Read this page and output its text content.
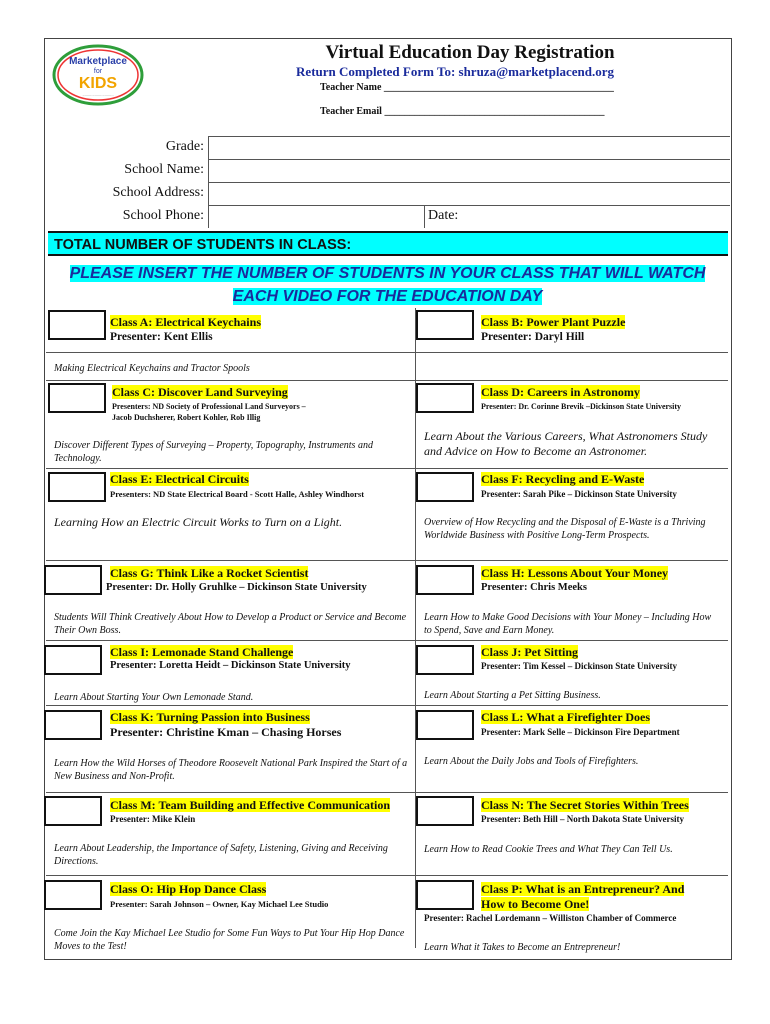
Marketplace
for
KIDS
............................
Virtual Education Day Registration
Return Completed Form To: shruza@marketplacend.org
Teacher Name ______________________________________________
Teacher Email ____________________________________________
Grade:
School Name:
School Address:
School Phone:	Date:
TOTAL NUMBER OF STUDENTS IN CLASS:
PLEASE INSERT THE NUMBER OF STUDENTS IN YOUR CLASS THAT WILL WATCH
EACH VIDEO FOR THE EDUCATION DAY
Class A: Electrical Keychains
Presenter: Kent Ellis
Making Electrical Keychains and Tractor Spools
Class B: Power Plant Puzzle
Presenter: Daryl Hill
Class C: Discover Land Surveying
Presenters: ND Society of Professional Land Surveyors –
Jacob Duchsherer, Robert Kohler, Rob Illig
Discover Different Types of Surveying – Property, Topography, Instruments and Technology.
Class D: Careers in Astronomy
Presenter: Dr. Corinne Brevik –Dickinson State University
Learn About the Various Careers, What Astronomers Study and Advice on How to Become an Astronomer.
Class E: Electrical Circuits
Presenters: ND State Electrical Board - Scott Halle, Ashley Windhorst
Learning How an Electric Circuit Works to Turn on a Light.
Class F: Recycling and E-Waste
Presenter: Sarah Pike – Dickinson State University
Overview of How Recycling and the Disposal of E-Waste is a Thriving Worldwide Business with Positive Long-Term Prospects.
Class G: Think Like a Rocket Scientist
Presenter: Dr. Holly Gruhlke – Dickinson State University
Students Will Think Creatively About How to Develop a Product or Service and Become Their Own Boss.
Class H: Lessons About Your Money
Presenter: Chris Meeks
Learn How to Make Good Decisions with Your Money – Including How to Spend, Save and Earn Money.
Class I: Lemonade Stand Challenge
Presenter: Loretta Heidt – Dickinson State University
Learn About Starting Your Own Lemonade Stand.
Class J: Pet Sitting
Presenter: Tim Kessel – Dickinson State University
Learn About Starting a Pet Sitting Business.
Class K: Turning Passion into Business
Presenter: Christine Kman – Chasing Horses
Learn How the Wild Horses of Theodore Roosevelt National Park Inspired the Start of a New Business and Non-Profit.
Class L: What a Firefighter Does
Presenter: Mark Selle – Dickinson Fire Department
Learn About the Daily Jobs and Tools of Firefighters.
Class M: Team Building and Effective Communication
Presenter: Mike Klein
Learn About Leadership, the Importance of Safety, Listening, Giving and Receiving Directions.
Class N: The Secret Stories Within Trees
Presenter: Beth Hill – North Dakota State University
Learn How to Read Cookie Trees and What They Can Tell Us.
Class O: Hip Hop Dance Class
Presenter: Sarah Johnson – Owner, Kay Michael Lee Studio
Come Join the Kay Michael Lee Studio for Some Fun Ways to Put Your Hip Hop Dance Moves to the Test!
Class P: What is an Entrepreneur? And How to Become One!
Presenter: Rachel Lordemann – Williston Chamber of Commerce
Learn What it Takes to Become an Entrepreneur!
